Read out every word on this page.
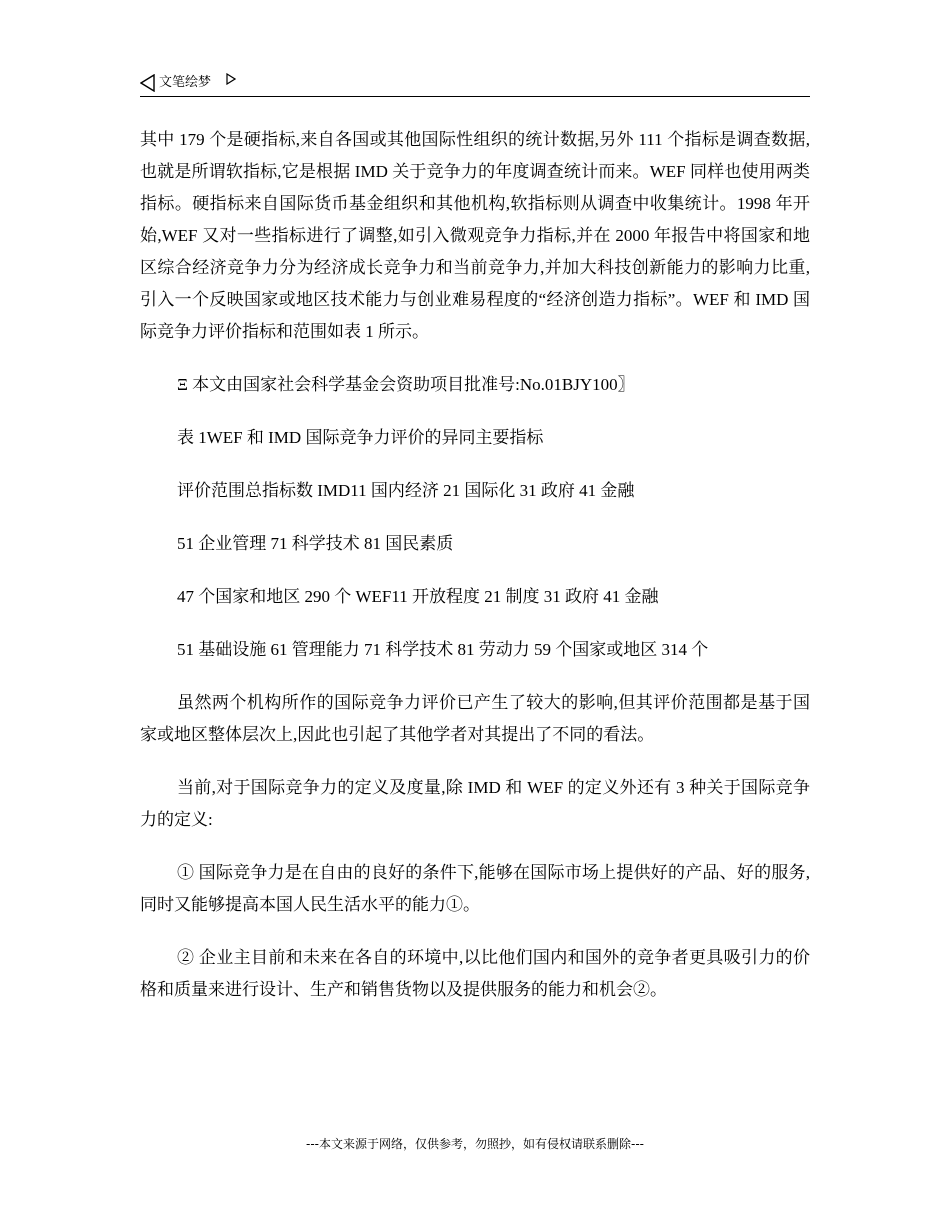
文笔绘梦

其中 179 个是硬指标,来自各国或其他国际性组织的统计数据,另外 111 个指标是调查数据,也就是所谓软指标,它是根据 IMD 关于竞争力的年度调查统计而来。WEF 同样也使用两类指标。硬指标来自国际货币基金组织和其他机构,软指标则从调查中收集统计。1998 年开始,WEF 又对一些指标进行了调整,如引入微观竞争力指标,并在 2000 年报告中将国家和地区综合经济竞争力分为经济成长竞争力和当前竞争力,并加大科技创新能力的影响力比重,引入一个反映国家或地区技术能力与创业难易程度的“经济创造力指标”。WEF 和 IMD 国际竞争力评价指标和范围如表 1 所示。

Ξ 本文由国家社会科学基金会资助项目批准号:No.01BJY100〗

表 1WEF 和 IMD 国际竞争力评价的异同主要指标

评价范围总指标数 IMD11 国内经济 21 国际化 31 政府 41 金融

51 企业管理 71 科学技术 81 国民素质

47 个国家和地区 290 个 WEF11 开放程度 21 制度 31 政府 41 金融

51 基础设施 61 管理能力 71 科学技术 81 劳动力 59 个国家或地区 314 个

虽然两个机构所作的国际竞争力评价已产生了较大的影响,但其评价范围都是基于国家或地区整体层次上,因此也引起了其他学者对其提出了不同的看法。

当前,对于国际竞争力的定义及度量,除 IMD 和 WEF 的定义外还有 3 种关于国际竞争力的定义:

① 国际竞争力是在自由的良好的条件下,能够在国际市场上提供好的产品、好的服务,同时又能够提高本国人民生活水平的能力①。

② 企业主目前和未来在各自的环境中,以比他们国内和国外的竞争者更具吸引力的价格和质量来进行设计、生产和销售货物以及提供服务的能力和机会②。

---本文来源于网络，仅供参考，勿照抄，如有侵权请联系删除---
